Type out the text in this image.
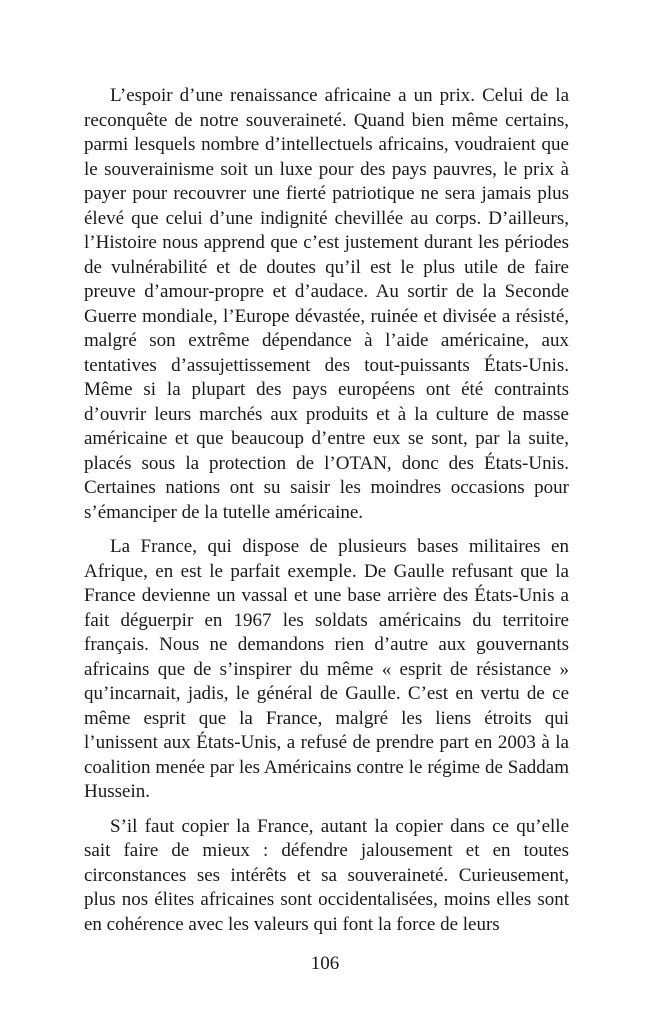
L’espoir d’une renaissance africaine a un prix. Celui de la reconquête de notre souveraineté. Quand bien même certains, parmi lesquels nombre d’intellectuels africains, voudraient que le souverainisme soit un luxe pour des pays pauvres, le prix à payer pour recouvrer une fierté patriotique ne sera jamais plus élevé que celui d’une indignité chevillée au corps. D’ailleurs, l’Histoire nous apprend que c’est justement durant les périodes de vulnérabilité et de doutes qu’il est le plus utile de faire preuve d’amour-propre et d’audace. Au sortir de la Seconde Guerre mondiale, l’Europe dévastée, ruinée et divisée a résisté, malgré son extrême dépendance à l’aide américaine, aux tentatives d’assujettissement des tout-puissants États-Unis. Même si la plupart des pays européens ont été contraints d’ouvrir leurs marchés aux produits et à la culture de masse américaine et que beaucoup d’entre eux se sont, par la suite, placés sous la protection de l’OTAN, donc des États-Unis. Certaines nations ont su saisir les moindres occasions pour s’émanciper de la tutelle américaine.

La France, qui dispose de plusieurs bases militaires en Afrique, en est le parfait exemple. De Gaulle refusant que la France devienne un vassal et une base arrière des États-Unis a fait déguerpir en 1967 les soldats américains du territoire français. Nous ne demandons rien d’autre aux gouvernants africains que de s’inspirer du même « esprit de résistance » qu’incarnait, jadis, le général de Gaulle. C’est en vertu de ce même esprit que la France, malgré les liens étroits qui l’unissent aux États-Unis, a refusé de prendre part en 2003 à la coalition menée par les Américains contre le régime de Saddam Hussein.

S’il faut copier la France, autant la copier dans ce qu’elle sait faire de mieux : défendre jalousement et en toutes circonstances ses intérêts et sa souveraineté. Curieusement, plus nos élites africaines sont occidentalisées, moins elles sont en cohérence avec les valeurs qui font la force de leurs

106
